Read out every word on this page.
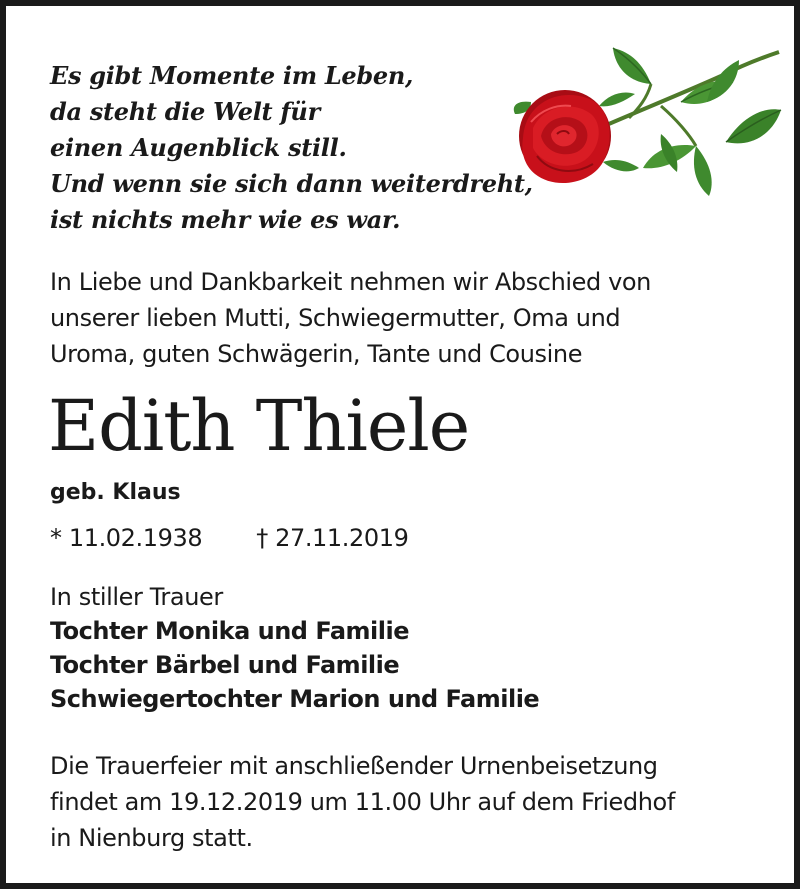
Es gibt Momente im Leben,
da steht die Welt für
einen Augenblick still.
Und wenn sie sich dann weiterdreht,
ist nichts mehr wie es war.

In Liebe und Dankbarkeit nehmen wir Abschied von
unserer lieben Mutti, Schwiegermutter, Oma und
Uroma, guten Schwägerin, Tante und Cousine

Edith Thiele
geb. Klaus
* 11.02.1938 † 27.11.2019
In stiller Trauer
Tochter Monika und Familie
Tochter Bärbel und Familie
Schwiegertochter Marion und Familie

Die Trauerfeier mit anschließender Urnenbeisetzung
findet am 19.12.2019 um 11.00 Uhr auf dem Friedhof
in Nienburg statt.
